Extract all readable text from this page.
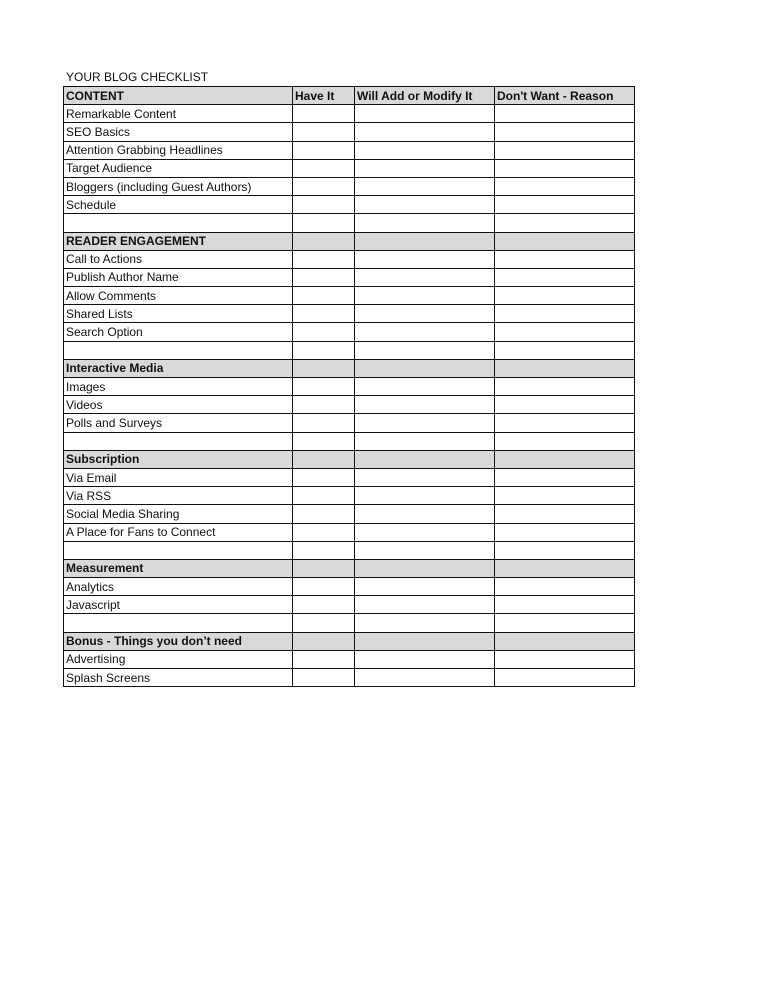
YOUR BLOG CHECKLIST
CONTENT	Have It	Will Add or Modify It	Don't Want - Reason
Remarkable Content			
SEO Basics			
Attention Grabbing Headlines			
Target Audience			
Bloggers (including Guest Authors)			
Schedule			

READER ENGAGEMENT			
Call to Actions			
Publish Author Name			
Allow Comments			
Shared Lists			
Search Option			

Interactive Media			
Images			
Videos			
Polls and Surveys			

Subscription			
Via Email			
Via RSS			
Social Media Sharing			
A Place for Fans to Connect			

Measurement			
Analytics			
Javascript			

Bonus - Things you don’t need			
Advertising			
Splash Screens			
